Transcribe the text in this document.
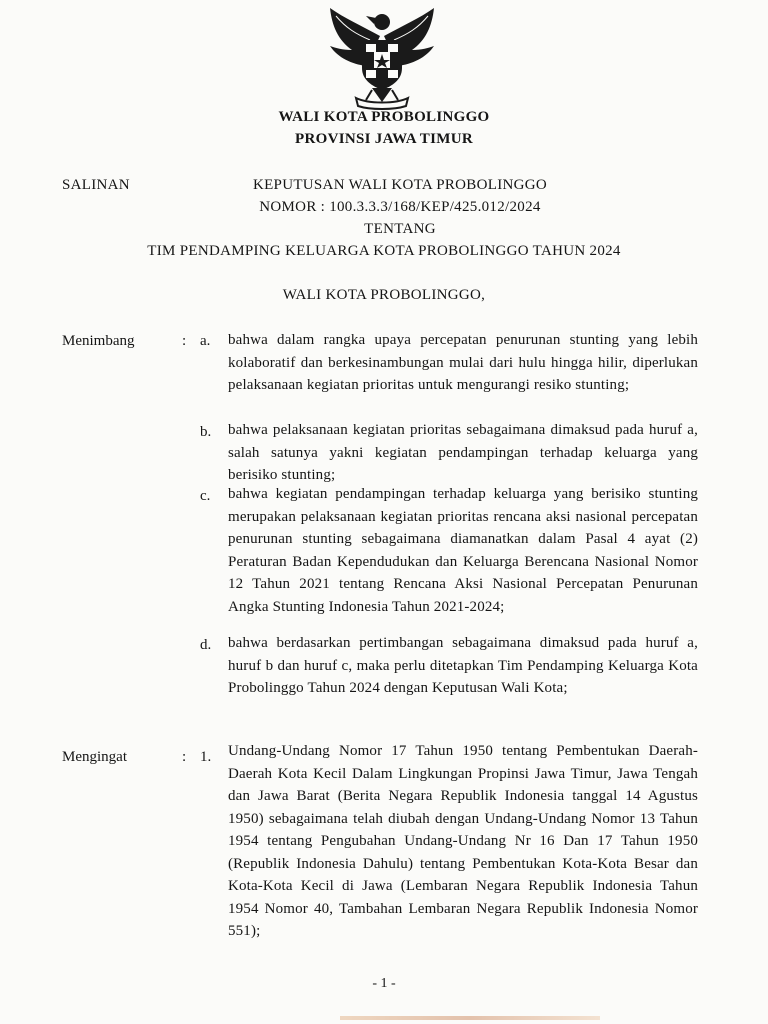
WALI KOTA PROBOLINGGO
PROVINSI JAWA TIMUR
SALINAN	KEPUTUSAN WALI KOTA PROBOLINGGO
NOMOR : 100.3.3.3/168/KEP/425.012/2024
TENTANG
TIM PENDAMPING KELUARGA KOTA PROBOLINGGO TAHUN 2024
WALI KOTA PROBOLINGGO,
Menimbang	: a. bahwa dalam rangka upaya percepatan penurunan stunting yang lebih kolaboratif dan berkesinambungan mulai dari hulu hingga hilir, diperlukan pelaksanaan kegiatan prioritas untuk mengurangi resiko stunting;
b. bahwa pelaksanaan kegiatan prioritas sebagaimana dimaksud pada huruf a, salah satunya yakni kegiatan pendampingan terhadap keluarga yang berisiko stunting;
c. bahwa kegiatan pendampingan terhadap keluarga yang berisiko stunting merupakan pelaksanaan kegiatan prioritas rencana aksi nasional percepatan penurunan stunting sebagaimana diamanatkan dalam Pasal 4 ayat (2) Peraturan Badan Kependudukan dan Keluarga Berencana Nasional Nomor 12 Tahun 2021 tentang Rencana Aksi Nasional Percepatan Penurunan Angka Stunting Indonesia Tahun 2021-2024;
d. bahwa berdasarkan pertimbangan sebagaimana dimaksud pada huruf a, huruf b dan huruf c, maka perlu ditetapkan Tim Pendamping Keluarga Kota Probolinggo Tahun 2024 dengan Keputusan Wali Kota;
Mengingat	: 1. Undang-Undang Nomor 17 Tahun 1950 tentang Pembentukan Daerah-Daerah Kota Kecil Dalam Lingkungan Propinsi Jawa Timur, Jawa Tengah dan Jawa Barat (Berita Negara Republik Indonesia tanggal 14 Agustus 1950) sebagaimana telah diubah dengan Undang-Undang Nomor 13 Tahun 1954 tentang Pengubahan Undang-Undang Nr 16 Dan 17 Tahun 1950 (Republik Indonesia Dahulu) tentang Pembentukan Kota-Kota Besar dan Kota-Kota Kecil di Jawa (Lembaran Negara Republik Indonesia Tahun 1954 Nomor 40, Tambahan Lembaran Negara Republik Indonesia Nomor 551);
- 1 -
